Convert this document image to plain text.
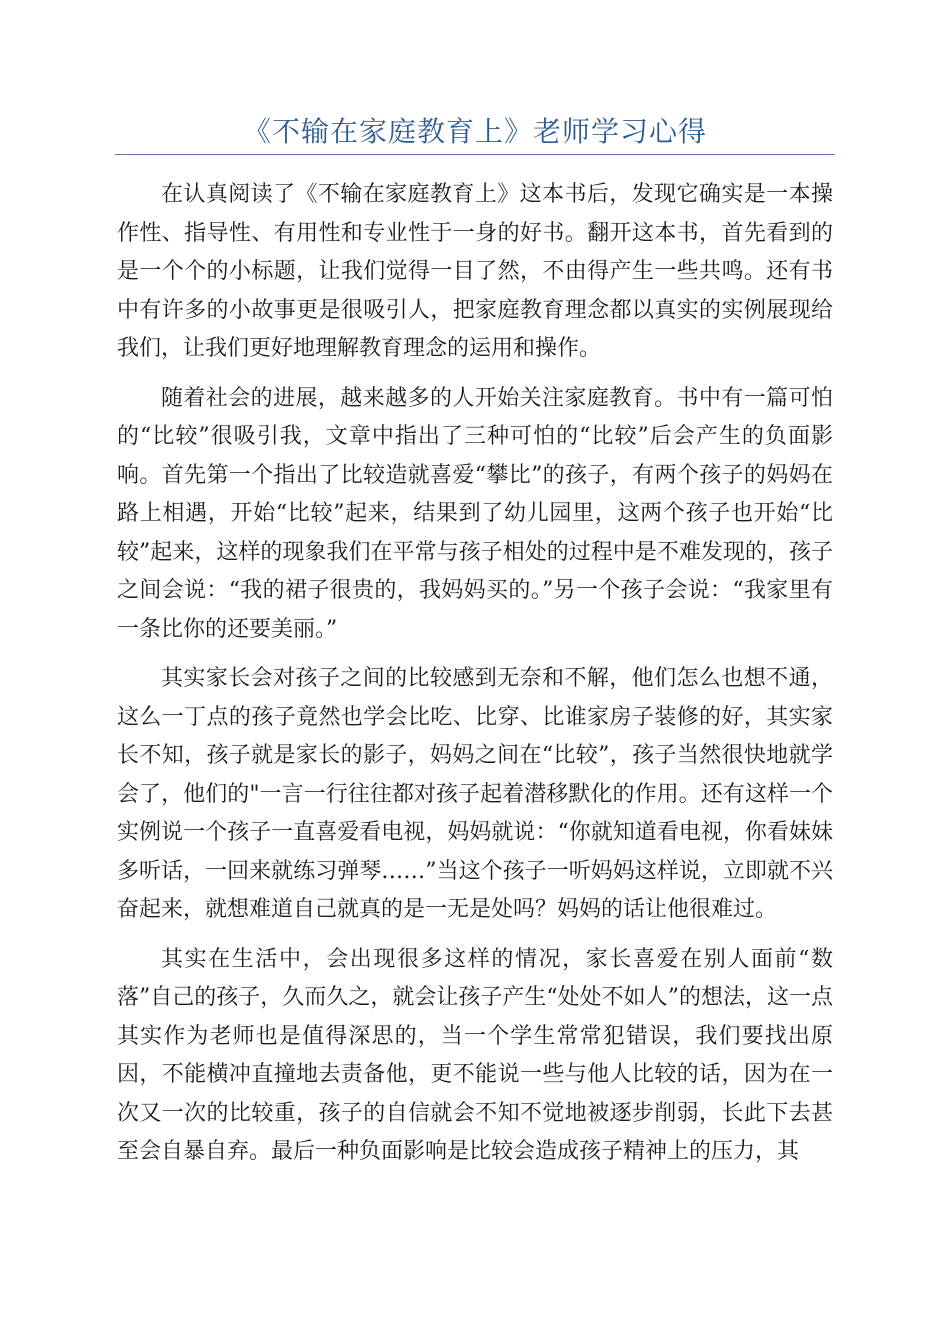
《不输在家庭教育上》老师学习心得

在认真阅读了《不输在家庭教育上》这本书后，发现它确实是一本操作性、指导性、有用性和专业性于一身的好书。翻开这本书，首先看到的是一个个的小标题，让我们觉得一目了然，不由得产生一些共鸣。还有书中有许多的小故事更是很吸引人，把家庭教育理念都以真实的实例展现给我们，让我们更好地理解教育理念的运用和操作。

随着社会的进展，越来越多的人开始关注家庭教育。书中有一篇可怕的“比较”很吸引我，文章中指出了三种可怕的“比较”后会产生的负面影响。首先第一个指出了比较造就喜爱“攀比”的孩子，有两个孩子的妈妈在路上相遇，开始“比较”起来，结果到了幼儿园里，这两个孩子也开始“比较”起来，这样的现象我们在平常与孩子相处的过程中是不难发现的，孩子之间会说：“我的裙子很贵的，我妈妈买的。”另一个孩子会说：“我家里有一条比你的还要美丽。”

其实家长会对孩子之间的比较感到无奈和不解，他们怎么也想不通，这么一丁点的孩子竟然也学会比吃、比穿、比谁家房子装修的好，其实家长不知，孩子就是家长的影子，妈妈之间在“比较”，孩子当然很快地就学会了，他们的"一言一行往往都对孩子起着潜移默化的作用。还有这样一个实例说一个孩子一直喜爱看电视，妈妈就说：“你就知道看电视，你看妹妹多听话，一回来就练习弹琴……”当这个孩子一听妈妈这样说，立即就不兴奋起来，就想难道自己就真的是一无是处吗？妈妈的话让他很难过。

其实在生活中，会出现很多这样的情况，家长喜爱在别人面前“数落”自己的孩子，久而久之，就会让孩子产生“处处不如人”的想法，这一点其实作为老师也是值得深思的，当一个学生常常犯错误，我们要找出原因，不能横冲直撞地去责备他，更不能说一些与他人比较的话，因为在一次又一次的比较重，孩子的自信就会不知不觉地被逐步削弱，长此下去甚至会自暴自弃。最后一种负面影响是比较会造成孩子精神上的压力，其
